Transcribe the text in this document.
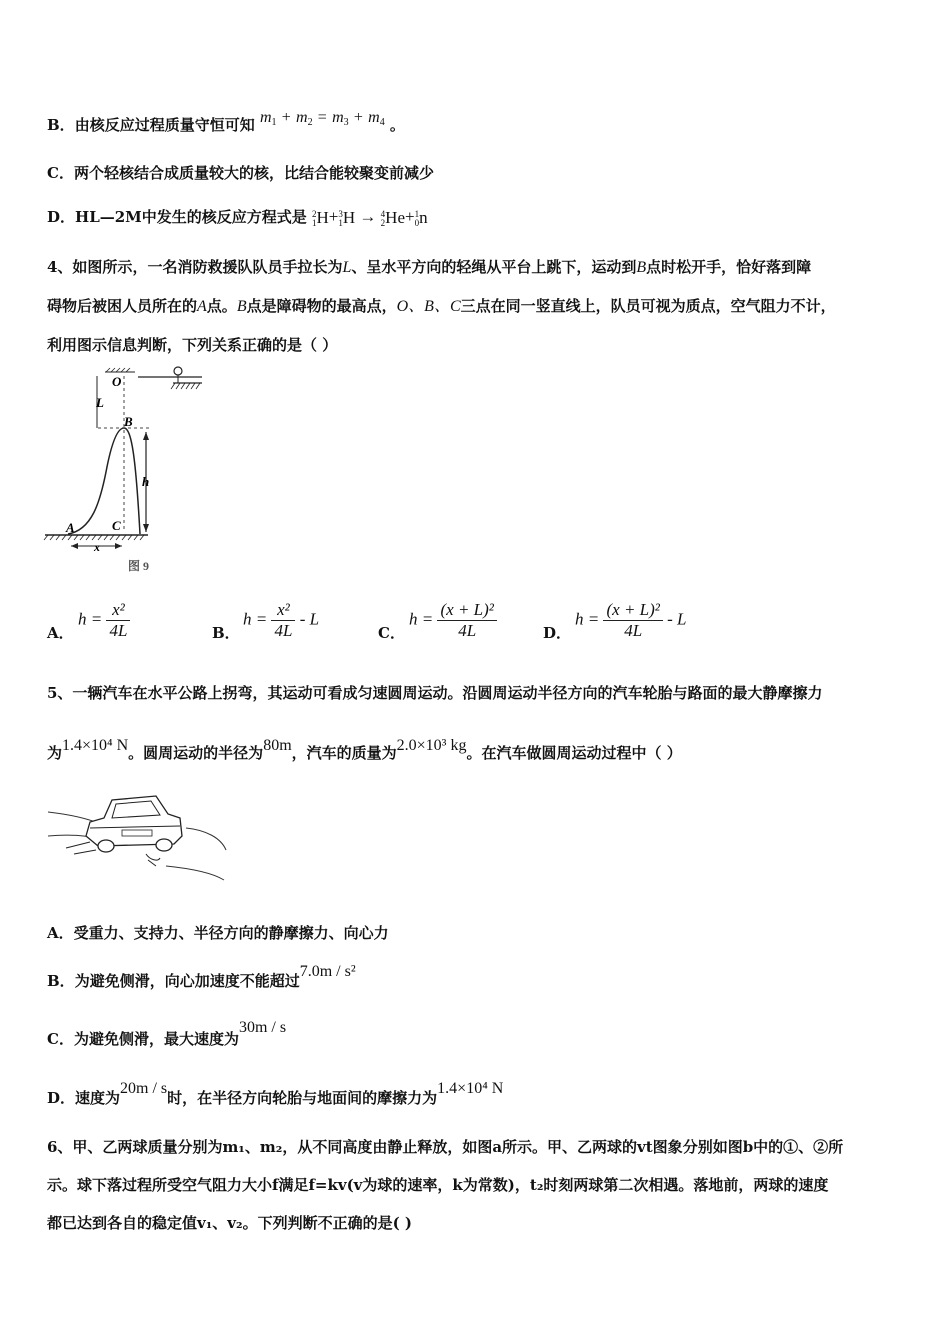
B．由核反应过程质量守恒可知 $m_1 + m_2 = m_3 + m_4$ 。
C．两个轻核结合成质量较大的核，比结合能较聚变前减少
D．HL—2M中发生的核反应方程式是 2
1 H+ 3
1 H → 4
2 He+ 1
0 n
4、如图所示，一名消防救援队队员手拉长为L、呈水平方向的轻绳从平台上跳下，运动到B点时松开手，恰好落到障
碍物后被困人员所在的A点。B点是障碍物的最高点，O、B、C三点在同一竖直线上，队员可视为质点，空气阻力不计，
利用图示信息判断，下列关系正确的是（ ）
O
L
B
h
A	C
x
图 9
A．
$h = \frac{\text{x²}}{4L}$	B．
$h = \frac{\text{x²}}{4L} - L$
C．
$h = \frac{\text{(x + L)²}}{4L}$	D．
$h = \frac{\text{(x + L)²}}{4L} - L$
5、一辆汽车在水平公路上拐弯，其运动可看成匀速圆周运动。沿圆周运动半径方向的汽车轮胎与路面的最大静摩擦力
为1.4×10⁴ N。圆周运动的半径为80m，汽车的质量为2.0×10³ kg。在汽车做圆周运动过程中（ ）
A．受重力、支持力、半径方向的静摩擦力、向心力
B．为避免侧滑，向心加速度不能超过7.0m / s²
C．为避免侧滑，最大速度为30m / s
D．速度为20m / s时，在半径方向轮胎与地面间的摩擦力为1.4×10⁴ N
6、甲、乙两球质量分别为m₁、m₂，从不同高度由静止释放，如图a所示。甲、乙两球的vt图象分别如图b中的①、②所
示。球下落过程所受空气阻力大小f满足f=kv(v为球的速率，k为常数)，t₂时刻两球第二次相遇。落地前，两球的速度
都已达到各自的稳定值v₁、v₂。下列判断不正确的是( )
